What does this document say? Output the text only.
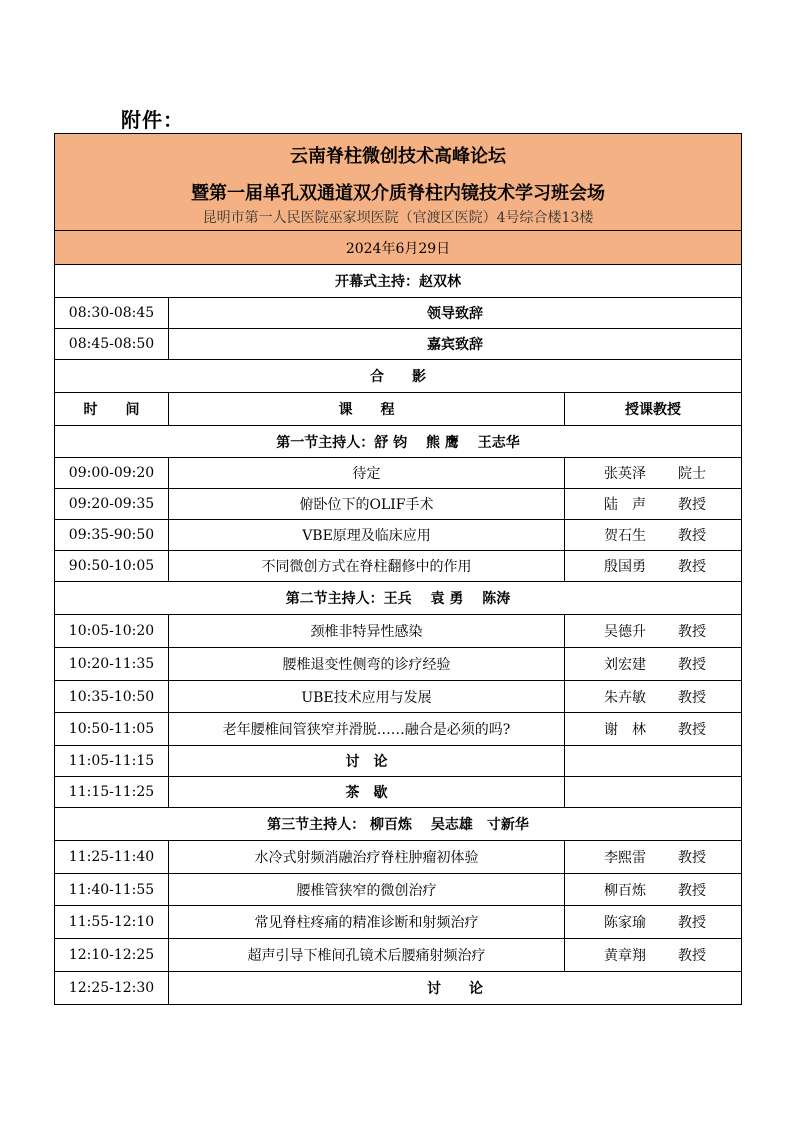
附件：
云南脊柱微创技术高峰论坛
暨第一届单孔双通道双介质脊柱内镜技术学习班会场
昆明市第一人民医院巫家坝医院（官渡区医院）4号综合楼13楼		

2024年6月29日		
开幕式主持：赵双林		
08:30-08:45	领导致辞	
08:45-08:50	嘉宾致辞	
合　　影		
时　　间	课　　程	授课教授
第一节主持人：舒 钧　 熊 鹰　 王志华		
09:00-09:20	待定	张英泽 院士
09:20-09:35	俯卧位下的OLIF手术	陆　声 教授
09:35-90:50	VBE原理及临床应用	贺石生 教授
90:50-10:05	不同微创方式在脊柱翻修中的作用	殷国勇 教授
第二节主持人：王兵　 袁 勇　 陈涛		
10:05-10:20	颈椎非特异性感染	吴德升 教授
10:20-11:35	腰椎退变性侧弯的诊疗经验	刘宏建 教授
10:35-10:50	UBE技术应用与发展	朱卉敏 教授
10:50-11:05	老年腰椎间管狭窄并滑脱……融合是必须的吗?	谢　林 教授
11:05-11:15	讨　论	
11:15-11:25	茶　歇	
第三节主持人： 柳百炼　 吴志雄　寸新华		
11:25-11:40	水冷式射频消融治疗脊柱肿瘤初体验	李熙雷 教授
11:40-11:55	腰椎管狭窄的微创治疗	柳百炼 教授
11:55-12:10	常见脊柱疼痛的精准诊断和射频治疗	陈家瑜 教授
12:10-12:25	超声引导下椎间孔镜术后腰痛射频治疗	黄章翔 教授
12:25-12:30	讨　　论	
